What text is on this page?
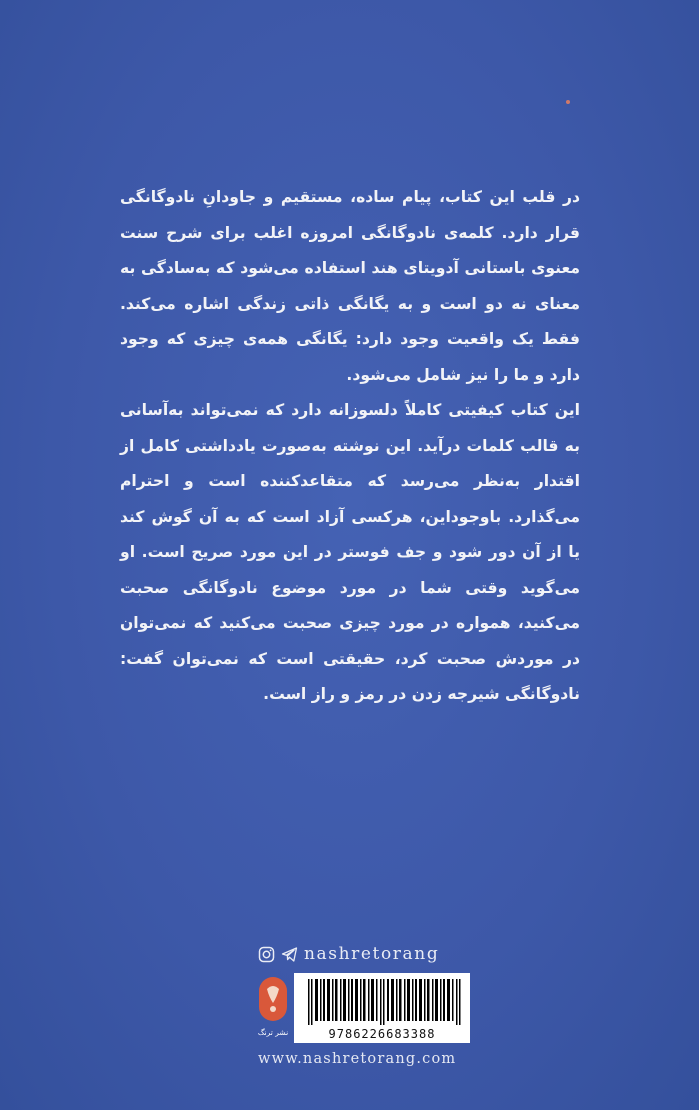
در قلب این کتاب، پیام ساده، مستقیم و جاودانِ نادوگانگی قرار دارد. کلمه‌ی نادوگانگی امروزه اغلب برای شرح سنت معنوی باستانی آدویتای هند استفاده می‌شود که به‌سادگی به معنای نه دو است و به یگانگی ذاتی زندگی اشاره می‌کند. فقط یک واقعیت وجود دارد: یگانگی همه‌ی چیزی که وجود دارد و ما را نیز شامل می‌شود.

این کتاب کیفیتی کاملاً دلسوزانه دارد که نمی‌تواند به‌آسانی به قالب کلمات درآید. این نوشته به‌صورت یادداشتی کامل از اقتدار به‌نظر می‌رسد که متقاعدکننده است و احترام می‌گذارد. باوجوداین، هرکسی آزاد است که به آن گوش کند یا از آن دور شود و جف فوستر در این مورد صریح است. او می‌گوید وقتی شما در مورد موضوع نادوگانگی صحبت می‌کنید، همواره در مورد چیزی صحبت می‌کنید که نمی‌توان در موردش صحبت کرد، حقیقتی است که نمی‌توان گفت: نادوگانگی شیرجه زدن در رمز و راز است.

nashretorang
نشر ترنگ	9786226683388
www.nashretorang.com
